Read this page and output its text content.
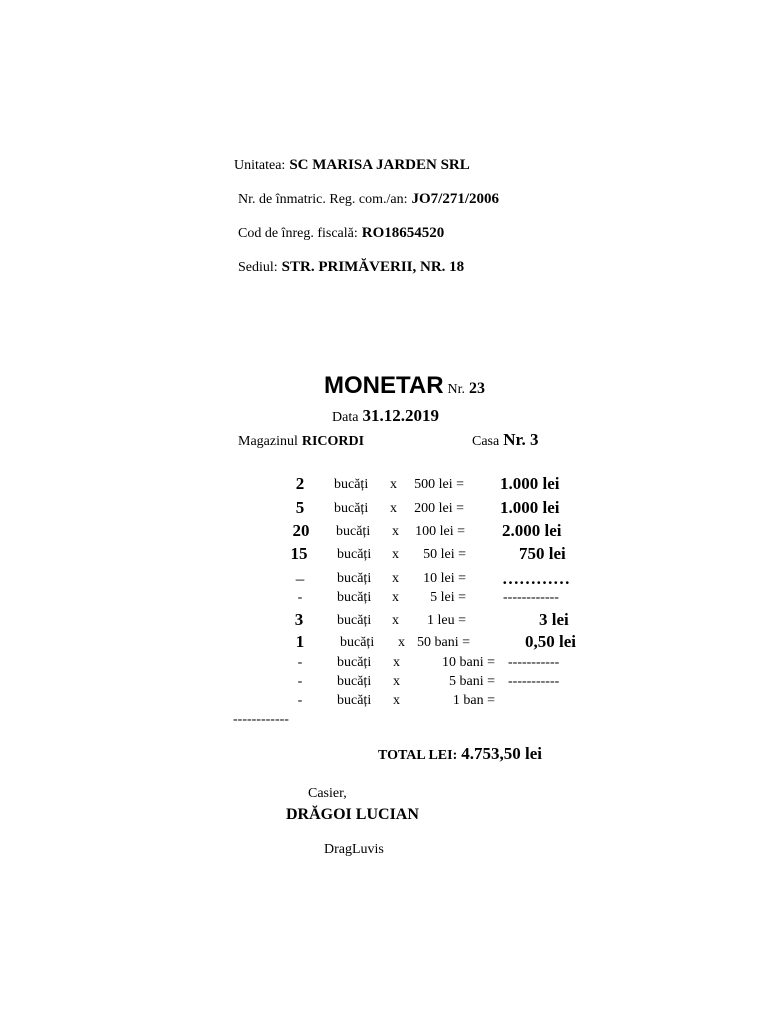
Unitatea: SC MARISA JARDEN SRL
Nr. de înmatric. Reg. com./an: JO7/271/2006
Cod de înreg. fiscală: RO18654520
Sediul: STR. PRIMĂVERII, NR. 18
MONETAR Nr. 23
Data 31.12.2019
Magazinul RICORDI	Casa Nr. 3
2	bucăți x	500 lei = 1.000 lei
5	bucăți x	200 lei = 1.000 lei
20	bucăți x	100 lei = 2.000 lei
15	bucăți x	50 lei =	750 lei
–	bucăți x	10 lei = …………
-	bucăți x	5 lei =	------------
3	bucăți x	1 leu =	3 lei
1	bucăți x 50 bani =	0,50 lei
-	bucăți x	10 bani = -----------
-	bucăți x	5 bani = -----------
-	bucăți x	1 ban =
------------
TOTAL LEI: 4.753,50 lei
Casier,
DRĂGOI LUCIAN
DragLuvis
